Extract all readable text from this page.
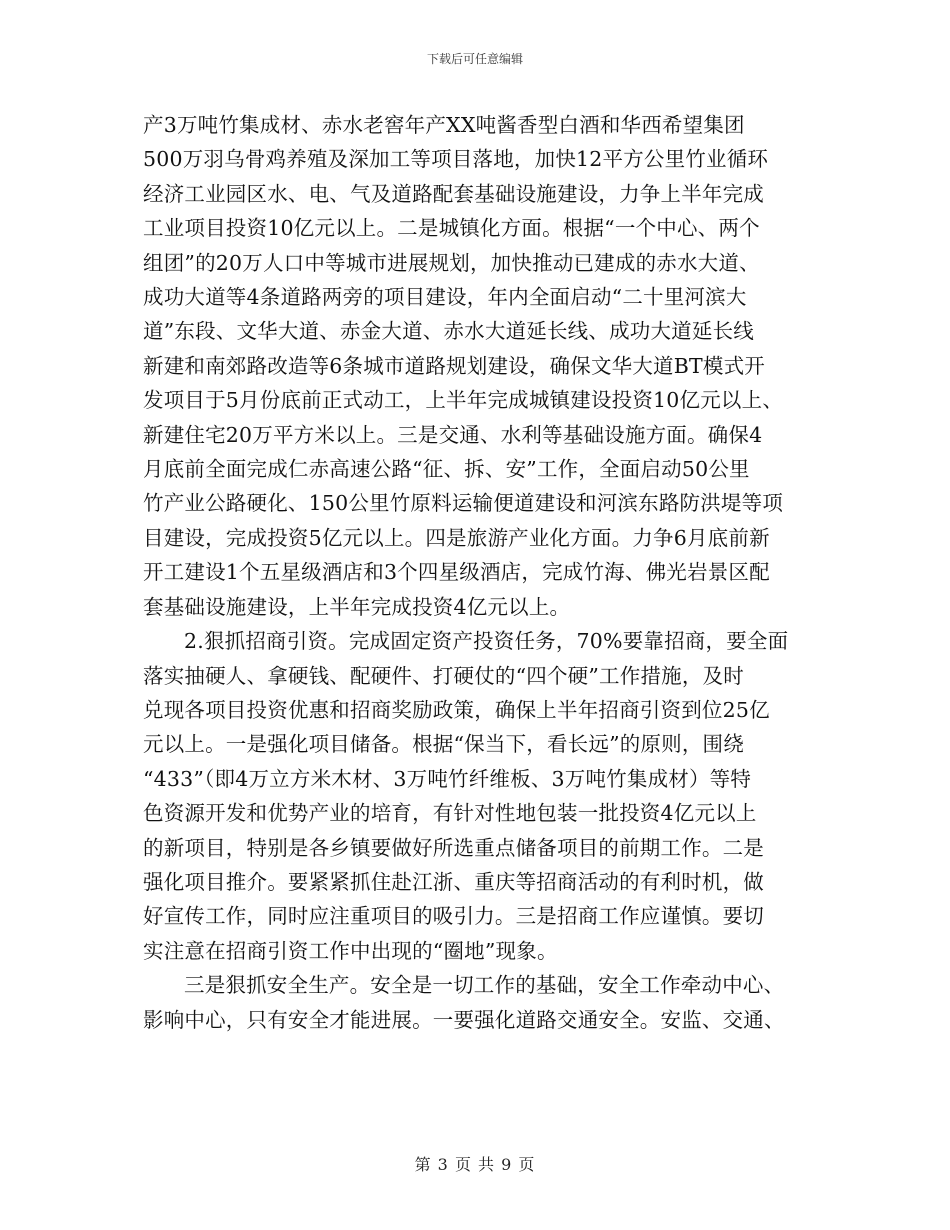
下载后可任意编辑
产3万吨竹集成材、赤水老窖年产XX吨酱香型白酒和华西希望集团
500万羽乌骨鸡养殖及深加工等项目落地，加快12平方公里竹业循环
经济工业园区水、电、气及道路配套基础设施建设，力争上半年完成
工业项目投资10亿元以上。二是城镇化方面。根据“一个中心、两个
组团”的20万人口中等城市进展规划，加快推动已建成的赤水大道、
成功大道等4条道路两旁的项目建设，年内全面启动“二十里河滨大
道”东段、文华大道、赤金大道、赤水大道延长线、成功大道延长线
新建和南郊路改造等6条城市道路规划建设，确保文华大道BT模式开
发项目于5月份底前正式动工，上半年完成城镇建设投资10亿元以上、
新建住宅20万平方米以上。三是交通、水利等基础设施方面。确保4
月底前全面完成仁赤高速公路“征、拆、安”工作，全面启动50公里
竹产业公路硬化、150公里竹原料运输便道建设和河滨东路防洪堤等项
目建设，完成投资5亿元以上。四是旅游产业化方面。力争6月底前新
开工建设1个五星级酒店和3个四星级酒店，完成竹海、佛光岩景区配
套基础设施建设，上半年完成投资4亿元以上。
2.狠抓招商引资。完成固定资产投资任务，70%要靠招商，要全面
落实抽硬人、拿硬钱、配硬件、打硬仗的“四个硬”工作措施，及时
兑现各项目投资优惠和招商奖励政策，确保上半年招商引资到位25亿
元以上。一是强化项目储备。根据“保当下，看长远”的原则，围绕
“433”（即4万立方米木材、3万吨竹纤维板、3万吨竹集成材）等特
色资源开发和优势产业的培育，有针对性地包装一批投资4亿元以上
的新项目，特别是各乡镇要做好所选重点储备项目的前期工作。二是
强化项目推介。要紧紧抓住赴江浙、重庆等招商活动的有利时机，做
好宣传工作，同时应注重项目的吸引力。三是招商工作应谨慎。要切
实注意在招商引资工作中出现的“圈地”现象。
三是狠抓安全生产。安全是一切工作的基础，安全工作牵动中心、
影响中心，只有安全才能进展。一要强化道路交通安全。安监、交通、
第 3 页 共 9 页
